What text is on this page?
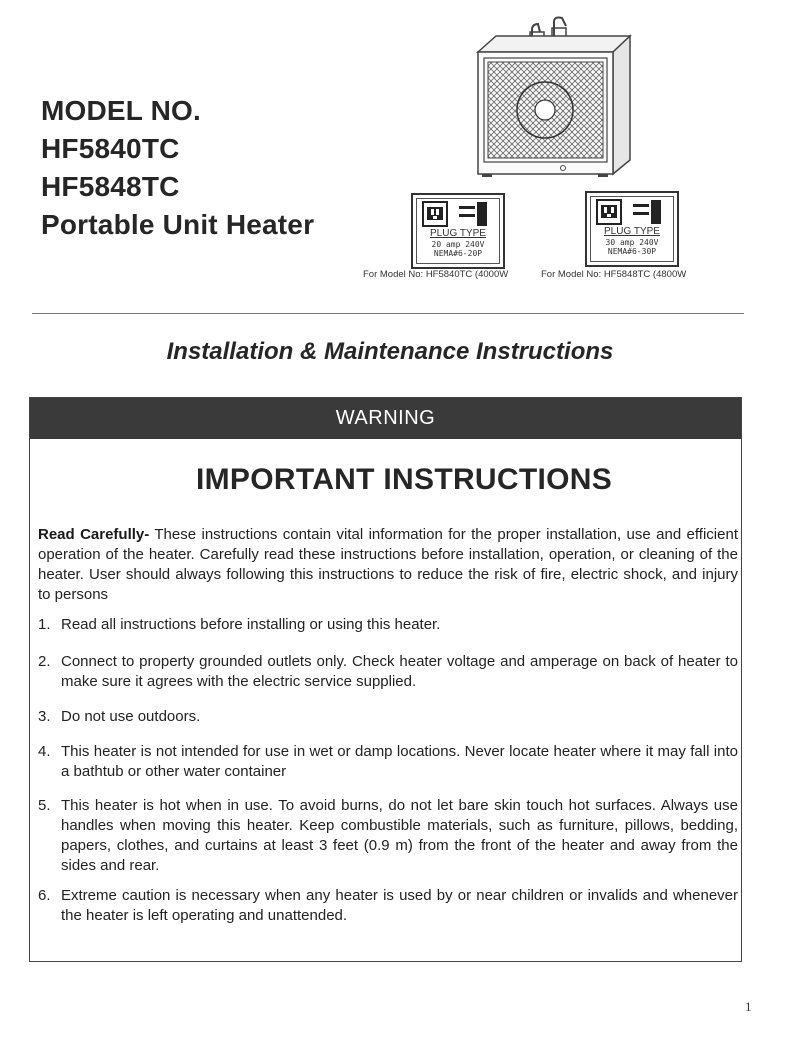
MODEL NO.
HF5840TC
HF5848TC
Portable Unit Heater	PLUG TYPE
20 amp 240V
NEMA#6-20P
PLUG TYPE
30 amp 240V
NEMA#6-30P
For Model No: HF5840TC (4000W	For Model No: HF5848TC (4800W
Installation & Maintenance Instructions
WARNING
IMPORTANT INSTRUCTIONS
Read Carefully- These instructions contain vital information for the proper installation, use and efficient operation of the heater. Carefully read these instructions before installation, operation, or cleaning of the heater. User should always following this instructions to reduce the risk of fire, electric shock, and injury to persons
1. Read all instructions before installing or using this heater.
2. Connect to property grounded outlets only. Check heater voltage and amperage on back of heater to make sure it agrees with the electric service supplied.
3. Do not use outdoors.
4. This heater is not intended for use in wet or damp locations. Never locate heater where it may fall into a bathtub or other water container
5. This heater is hot when in use. To avoid burns, do not let bare skin touch hot surfaces. Always use handles when moving this heater. Keep combustible materials, such as furniture, pillows, bedding, papers, clothes, and curtains at least 3 feet (0.9 m) from the front of the heater and away from the sides and rear.
6. Extreme caution is necessary when any heater is used by or near children or invalids and whenever the heater is left operating and unattended.
1
